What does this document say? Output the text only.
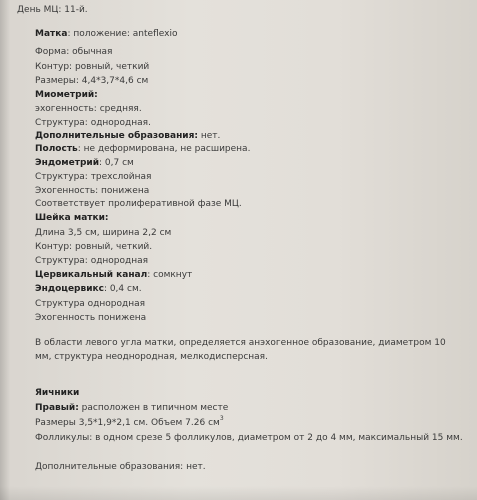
День МЦ: 11-й.
Матка: положение: anteflexio
Форма: обычная
Контур: ровный, четкий
Размеры: 4,4*3,7*4,6 см
Миометрий:
эхогенность: средняя.
Структура: однородная.
Дополнительные образования: нет.
Полость: не деформирована, не расширена.
Эндометрий: 0,7 см
Структура: трехслойная
Эхогенность: понижена
Соответствует пролиферативной фазе МЦ.
Шейка матки:
Длина 3,5 см, ширина 2,2 см
Контур: ровный, четкий.
Структура: однородная
Цервикальный канал: сомкнут
Эндоцервикс: 0,4 см.
Структура однородная
Эхогенность понижена
В области левого угла матки, определяется анэхогенное образование, диаметром 10 мм, структура неоднородная, мелкодисперсная.
Яичники
Правый: расположен в типичном месте
Размеры 3,5*1,9*2,1 см. Объем 7.26 $см^3$
Фолликулы: в одном срезе 5 фолликулов, диаметром от 2 до 4 мм, максимальный 15 мм.
Дополнительные образования: нет.
